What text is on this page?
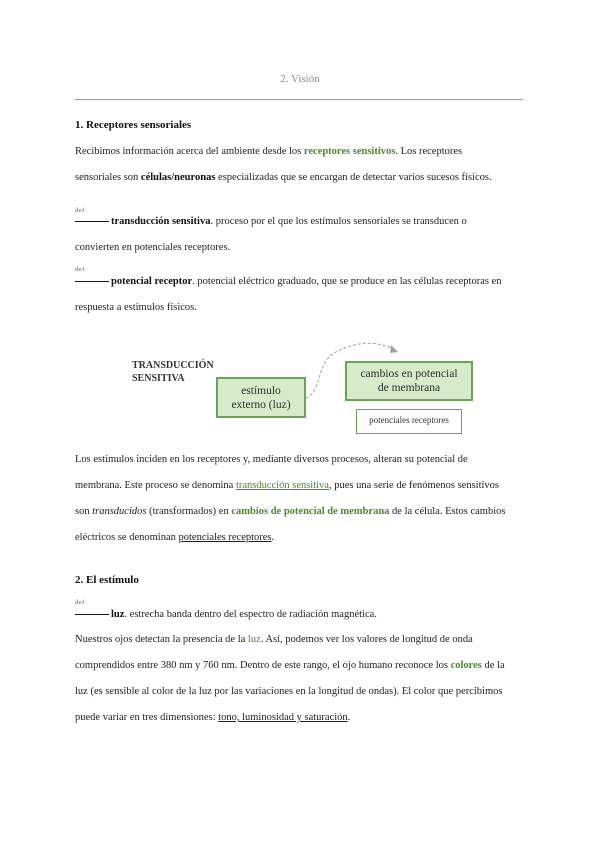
2. Visión
1. Receptores sensoriales
Recibimos información acerca del ambiente desde los receptores sensitivos. Los receptores
sensoriales son células/neuronas especializadas que se encargan de detectar varios sucesos físicos.
def
transducción sensitiva. proceso por el que los estímulos sensoriales se transducen o
convierten en potenciales receptores.
def
potencial receptor. potencial eléctrico graduado, que se produce en las células receptoras en
respuesta a estímulos físicos.
TRANSDUCCIÓN
SENSITIVA
estímulo
externo (luz)
cambios en potencial
de membrana
potenciales receptores
Los estímulos inciden en los receptores y, mediante diversos procesos, alteran su potencial de
membrana. Este proceso se denomina transducción sensitiva, pues una serie de fenómenos sensitivos
son transducidos (transformados) en cambios de potencial de membrana de la célula. Estos cambios
eléctricos se denominan potenciales receptores.
2. El estímulo
def
luz. estrecha banda dentro del espectro de radiación magnética.
Nuestros ojos detectan la presencia de la luz. Así, podemos ver los valores de longitud de onda
comprendidos entre 380 nm y 760 nm. Dentro de este rango, el ojo humano reconoce los colores de la
luz (es sensible al color de la luz por las variaciones en la longitud de ondas). El color que percibimos
puede variar en tres dimensiones: tono, luminosidad y saturación.
